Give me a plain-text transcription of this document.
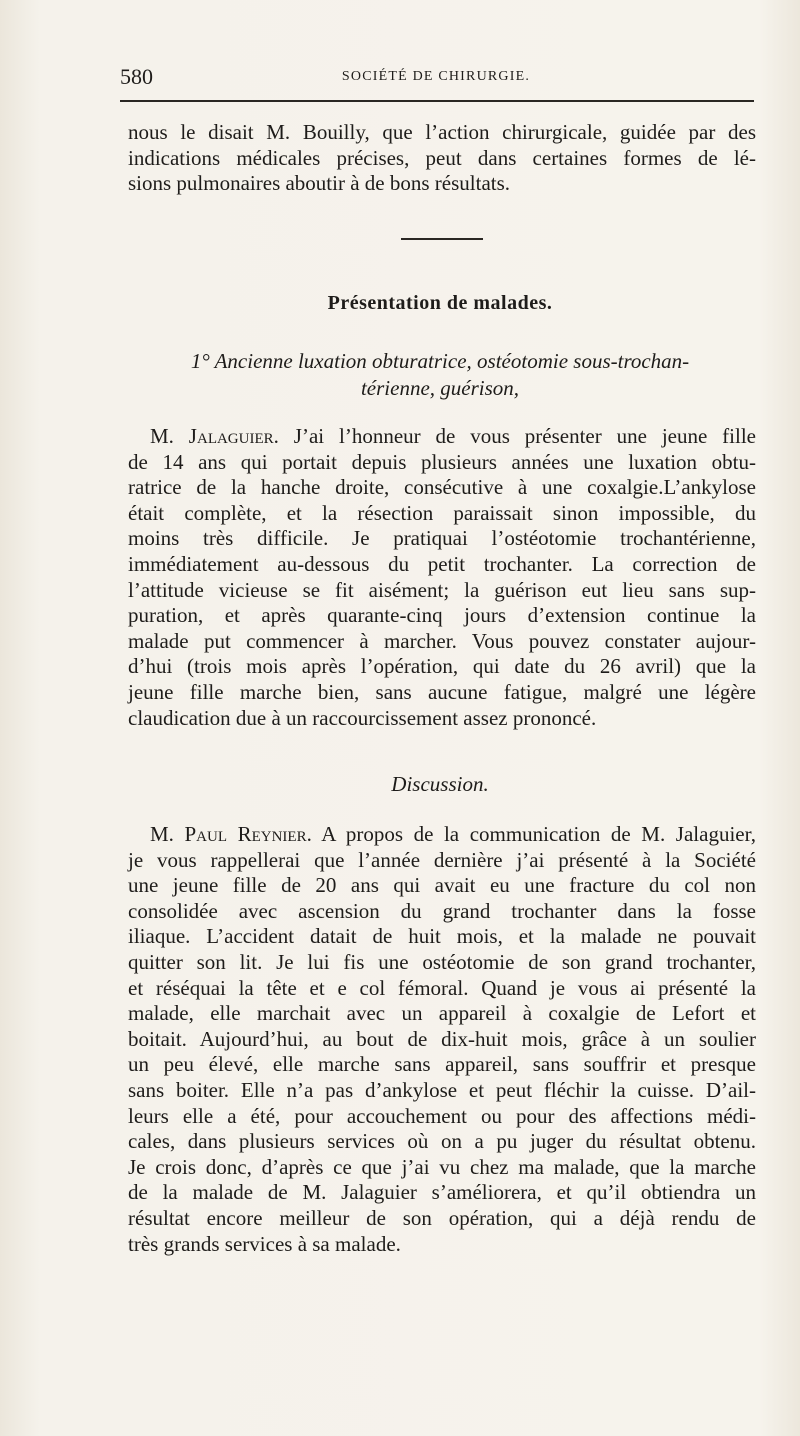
580	SOCIÉTÉ DE CHIRURGIE.
nous le disait M. Bouilly, que l’action chirurgicale, guidée par des
indications médicales précises, peut dans certaines formes de lé-
sions pulmonaires aboutir à de bons résultats.
Présentation de malades.
1° Ancienne luxation obturatrice, ostéotomie sous-trochan-
térienne, guérison,
M. Jalaguier. J’ai l’honneur de vous présenter une jeune fille
de 14 ans qui portait depuis plusieurs années une luxation obtu-
ratrice de la hanche droite, consécutive à une coxalgie.L’ankylose
était complète, et la résection paraissait sinon impossible, du
moins très difficile. Je pratiquai l’ostéotomie trochantérienne,
immédiatement au-dessous du petit trochanter. La correction de
l’attitude vicieuse se fit aisément; la guérison eut lieu sans sup-
puration, et après quarante-cinq jours d’extension continue la
malade put commencer à marcher. Vous pouvez constater aujour-
d’hui (trois mois après l’opération, qui date du 26 avril) que la
jeune fille marche bien, sans aucune fatigue, malgré une légère
claudication due à un raccourcissement assez prononcé.
Discussion.
M. Paul Reynier. A propos de la communication de M. Jalaguier,
je vous rappellerai que l’année dernière j’ai présenté à la Société
une jeune fille de 20 ans qui avait eu une fracture du col non
consolidée avec ascension du grand trochanter dans la fosse
iliaque. L’accident datait de huit mois, et la malade ne pouvait
quitter son lit. Je lui fis une ostéotomie de son grand trochanter,
et réséquai la tête et e col fémoral. Quand je vous ai présenté la
malade, elle marchait avec un appareil à coxalgie de Lefort et
boitait. Aujourd’hui, au bout de dix-huit mois, grâce à un soulier
un peu élevé, elle marche sans appareil, sans souffrir et presque
sans boiter. Elle n’a pas d’ankylose et peut fléchir la cuisse. D’ail-
leurs elle a été, pour accouchement ou pour des affections médi-
cales, dans plusieurs services où on a pu juger du résultat obtenu.
Je crois donc, d’après ce que j’ai vu chez ma malade, que la marche
de la malade de M. Jalaguier s’améliorera, et qu’il obtiendra un
résultat encore meilleur de son opération, qui a déjà rendu de
très grands services à sa malade.
